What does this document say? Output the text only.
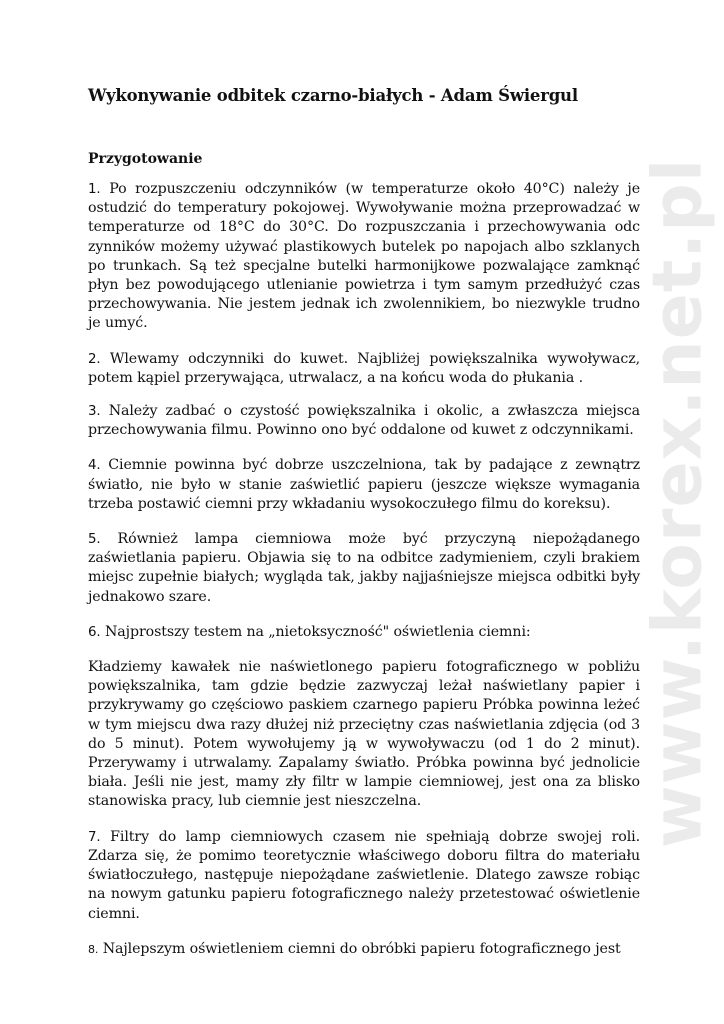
www.korex.net.pl
Wykonywanie odbitek czarno-białych - Adam Świergul
Przygotowanie

1. Po rozpuszczeniu odczynników (w temperaturze około 40°C) należy je ostudzić do temperatury pokojowej. Wywoływanie można przeprowadzać w temperaturze od 18°C do 30°C. Do rozpuszczania i przechowywania odc zynników możemy używać plastikowych butelek po napojach albo szklanych po trunkach. Są też specjalne butelki harmonijkowe pozwalające zamknąć płyn bez powodującego utlenianie powietrza i tym samym przedłużyć czas przechowywania. Nie jestem jednak ich zwolennikiem, bo niezwykle trudno je umyć.

2. Wlewamy odczynniki do kuwet. Najbliżej powiększalnika wywoływacz, potem kąpiel przerywająca, utrwalacz, a na końcu woda do płukania .

3. Należy zadbać o czystość powiększalnika i okolic, a zwłaszcza miejsca przechowywania filmu. Powinno ono być oddalone od kuwet z odczynnikami.

4. Ciemnie powinna być dobrze uszczelniona, tak by padające z zewnątrz światło, nie było w stanie zaświetlić papieru (jeszcze większe wymagania trzeba postawić ciemni przy wkładaniu wysokoczułego filmu do koreksu).

5. Również lampa ciemniowa może być przyczyną niepożądanego zaświetlania papieru. Objawia się to na odbitce zadymieniem, czyli brakiem miejsc zupełnie białych; wygląda tak, jakby najjaśniejsze miejsca odbitki były jednakowo szare.

6. Najprostszy testem na „nietoksyczność" oświetlenia ciemni:

Kładziemy kawałek nie naświetlonego papieru fotograficznego w pobliżu powiększalnika, tam gdzie będzie zazwyczaj leżał naświetlany papier i przykrywamy go częściowo paskiem czarnego papieru Próbka powinna leżeć w tym miejscu dwa razy dłużej niż przeciętny czas naświetlania zdjęcia (od 3 do 5 minut). Potem wywołujemy ją w wywoływaczu (od 1 do 2 minut). Przerywamy i utrwalamy. Zapalamy światło. Próbka powinna być jednolicie biała. Jeśli nie jest, mamy zły filtr w lampie ciemniowej, jest ona za blisko stanowiska pracy, lub ciemnie jest nieszczelna.

7. Filtry do lamp ciemniowych czasem nie spełniają dobrze swojej roli. Zdarza się, że pomimo teoretycznie właściwego doboru filtra do materiału światłoczułego, następuje niepożądane zaświetlenie. Dlatego zawsze robiąc na nowym gatunku papieru fotograficznego należy przetestować oświetlenie ciemni.

8. Najlepszym oświetleniem ciemni do obróbki papieru fotograficznego jest
